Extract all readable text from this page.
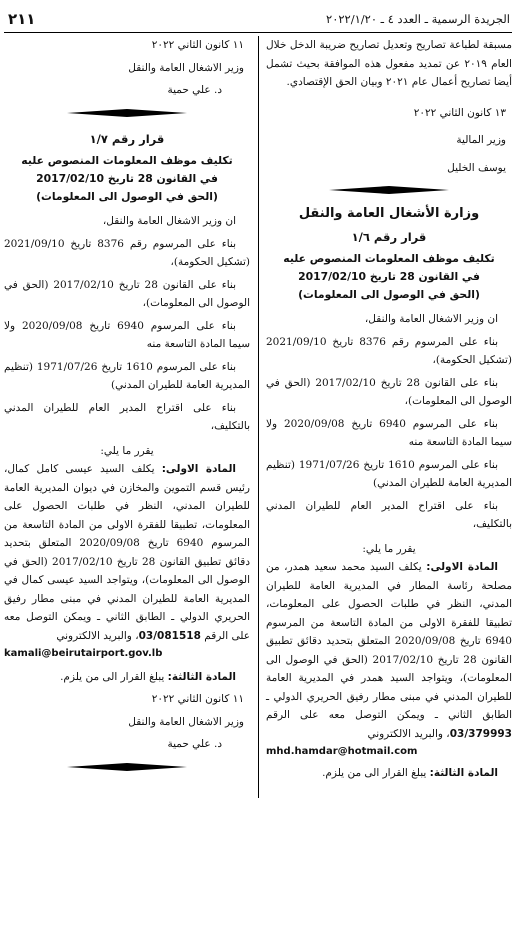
٢١١	الجريدة الرسمية ـ العدد ٤ ـ ٢٠٢٢/١/٢٠

مسبقة لطباعة تصاريح وتعديل تصاريح ضريبة الدخل خلال العام ٢٠١٩ عن تمديد مفعول هذه الموافقة بحيث تشمل أيضا تصاريح أعمال عام ٢٠٢١ وبيان الحق الإقتصادي.

١٣ كانون الثاني ٢٠٢٢

وزير المالية

يوسف الخليل

وزارة الأشغال العامة والنقل

قرار رقم ١/٦

تكليف موظف المعلومات المنصوص عليه

في القانون 28 تاريخ 2017/02/10

(الحق في الوصول الى المعلومات)

ان وزير الاشغال العامة والنقل،

بناء على المرسوم رقم 8376 تاريخ 2021/09/10 (تشكيل الحكومة)،

بناء على القانون 28 تاريخ 2017/02/10 (الحق في الوصول الى المعلومات)،

بناء على المرسوم 6940 تاريخ 2020/09/08 ولا سيما المادة التاسعة منه

بناء على المرسوم 1610 تاريخ 1971/07/26 (تنظيم المديرية العامة للطيران المدني)

بناء على اقتراح المدير العام للطيران المدني بالتكليف،

يقرر ما يلي:

المادة الاولى: يكلف السيد محمد سعيد همدر، من مصلحة رئاسة المطار في المديرية العامة للطيران المدني، النظر في طلبات الحصول على المعلومات، تطبيقا للفقرة الاولى من المادة التاسعة من المرسوم 6940 تاريخ 2020/09/08 المتعلق بتحديد دقائق تطبيق القانون 28 تاريخ 2017/02/10 (الحق في الوصول الى المعلومات)، ويتواجد السيد همدر في المديرية العامة للطيران المدني في مبنى مطار رفيق الحريري الدولي ـ الطابق الثاني ـ ويمكن التوصل معه على الرقم 03/379993، والبريد الالكتروني

mhd.hamdar@hotmail.com

المادة الثالثة: يبلغ القرار الى من يلزم.

١١ كانون الثاني ٢٠٢٢

وزير الاشغال العامة والنقل

د. علي حمية

قرار رقم ١/٧

تكليف موظف المعلومات المنصوص عليه

في القانون 28 تاريخ 2017/02/10

(الحق في الوصول الى المعلومات)

ان وزير الاشغال العامة والنقل،

بناء على المرسوم رقم 8376 تاريخ 2021/09/10 (تشكيل الحكومة)،

بناء على القانون 28 تاريخ 2017/02/10 (الحق في الوصول الى المعلومات)،

بناء على المرسوم 6940 تاريخ 2020/09/08 ولا سيما المادة التاسعة منه

بناء على المرسوم 1610 تاريخ 1971/07/26 (تنظيم المديرية العامة للطيران المدني)

بناء على اقتراح المدير العام للطيران المدني بالتكليف،

يقرر ما يلي:

المادة الاولى: يكلف السيد عيسى كامل كمال، رئيس قسم التموين والمخازن في ديوان المديرية العامة للطيران المدني، النظر في طلبات الحصول على المعلومات، تطبيقا للفقرة الاولى من المادة التاسعة من المرسوم 6940 تاريخ 2020/09/08 المتعلق بتحديد دقائق تطبيق القانون 28 تاريخ 2017/02/10 (الحق في الوصول الى المعلومات)، ويتواجد السيد عيسى كمال في المديرية العامة للطيران المدني في مبنى مطار رفيق الحريري الدولي ـ الطابق الثاني ـ ويمكن التوصل معه على الرقم 03/081518، والبريد الالكتروني

kamali@beirutairport.gov.lb

المادة الثالثة: يبلغ القرار الى من يلزم.

١١ كانون الثاني ٢٠٢٢

وزير الاشغال العامة والنقل

د. علي حمية
